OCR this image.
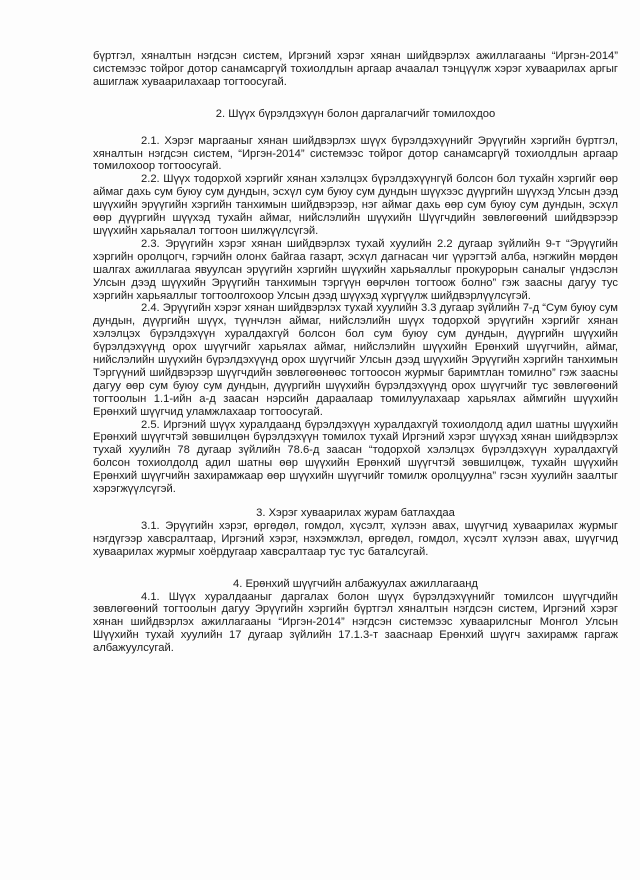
бүртгэл, хяналтын нэгдсэн систем, Иргэний хэрэг хянан шийдвэрлэх ажиллагааны “Иргэн-2014” системээс тойрог дотор санамсаргүй тохиолдлын аргаар ачаалал тэнцүүлж хэрэг хуваарилах аргыг ашиглаж хуваарилахаар тогтоосугай.

2. Шүүх бүрэлдэхүүн болон даргалагчийг томилохдоо

2.1. Хэрэг маргааныг хянан шийдвэрлэх шүүх бүрэлдэхүүнийг Эрүүгийн хэргийн бүртгэл, хяналтын нэгдсэн систем, “Иргэн-2014” системээс тойрог дотор санамсаргүй тохиолдлын аргаар томилохоор тогтоосугай.

2.2. Шүүх тодорхой хэргийг хянан хэлэлцэх бүрэлдэхүүнгүй болсон бол тухайн хэргийг өөр аймаг дахь сум буюу сум дундын, эсхүл сум буюу сум дундын шүүхээс дүүргийн шүүхэд Улсын дээд шүүхийн эрүүгийн хэргийн танхимын шийдвэрээр, нэг аймаг дахь өөр сум буюу сум дундын, эсхүл өөр дүүргийн шүүхэд тухайн аймаг, нийслэлийн шүүхийн Шүүгчдийн зөвлөгөөний шийдвэрээр шүүхийн харьяалал тогтоон шилжүүлсүгэй.

2.3. Эрүүгийн хэрэг хянан шийдвэрлэх тухай хуулийн 2.2 дугаар зүйлийн 9-т “Эрүүгийн хэргийн оролцогч, гэрчийн олонх байгаа газарт, эсхүл дагнасан чиг үүрэгтэй алба, нэгжийн мөрдөн шалгах ажиллагаа явуулсан эрүүгийн хэргийн шүүхийн харьяаллыг прокурорын саналыг үндэслэн Улсын дээд шүүхийн Эрүүгийн танхимын тэргүүн өөрчлөн тогтоож болно” гэж заасны дагуу тус хэргийн харьяаллыг тогтоолгохоор Улсын дээд шүүхэд хүргүүлж шийдвэрлүүлсүгэй.

2.4. Эрүүгийн хэрэг хянан шийдвэрлэх тухай хуулийн 3.3 дугаар зүйлийн 7-д “Сум буюу сум дундын, дүүргийн шүүх, түүнчлэн аймаг, нийслэлийн шүүх тодорхой эрүүгийн хэргийг хянан хэлэлцэх бүрэлдэхүүн хуралдахгүй болсон бол сум буюу сум дундын, дүүргийн шүүхийн бүрэлдэхүүнд орох шүүгчийг харьялах аймаг, нийслэлийн шүүхийн Ерөнхий шүүгчийн, аймаг, нийслэлийн шүүхийн бүрэлдэхүүнд орох шүүгчийг Улсын дээд шүүхийн Эрүүгийн хэргийн танхимын Тэргүүний шийдвэрээр шүүгчдийн зөвлөгөөнөөс тогтоосон журмыг баримтлан томилно” гэж заасны дагуу өөр сум буюу сум дундын, дүүргийн шүүхийн бүрэлдэхүүнд орох шүүгчийг тус зөвлөгөөний тогтоолын 1.1-ийн а-д заасан нэрсийн дараалаар томилуулахаар харьялах аймгийн шүүхийн Ерөнхий шүүгчид уламжлахаар тогтоосугай.

2.5. Иргэний шүүх хуралдаанд бүрэлдэхүүн хуралдахгүй тохиолдолд адил шатны шүүхийн Ерөнхий шүүгчтэй зөвшилцөн бүрэлдэхүүн томилох тухай Иргэний хэрэг шүүхэд хянан шийдвэрлэх тухай хуулийн 78 дугаар зүйлийн 78.6-д заасан “тодорхой хэлэлцэх бүрэлдэхүүн хуралдахгүй болсон тохиолдолд адил шатны өөр шүүхийн Ерөнхий шүүгчтэй зөвшилцөж, тухайн шүүхийн Ерөнхий шүүгчийн захирамжаар өөр шүүхийн шүүгчийг томилж оролцуулна” гэсэн хуулийн заалтыг хэрэгжүүлсүгэй.

3. Хэрэг хуваарилах журам батлахдаа

3.1. Эрүүгийн хэрэг, өргөдөл, гомдол, хүсэлт, хүлээн авах, шүүгчид хуваарилах журмыг нэгдүгээр хавсралтаар, Иргэний хэрэг, нэхэмжлэл, өргөдөл, гомдол, хүсэлт хүлээн авах, шүүгчид хуваарилах журмыг хоёрдугаар хавсралтаар тус тус баталсугай.

4. Ерөнхий шүүгчийн албажуулах ажиллагаанд

4.1. Шүүх хуралдааныг даргалах болон шүүх бүрэлдэхүүнийг томилсон шүүгчдийн зөвлөгөөний тогтоолын дагуу Эрүүгийн хэргийн бүртгэл хяналтын нэгдсэн систем, Иргэний хэрэг хянан шийдвэрлэх ажиллагааны “Иргэн-2014” нэгдсэн системээс хуваарилсныг Монгол Улсын Шүүхийн тухай хуулийн 17 дугаар зүйлийн 17.1.3-т зааснаар Ерөнхий шүүгч захирамж гаргаж албажуулсугай.
